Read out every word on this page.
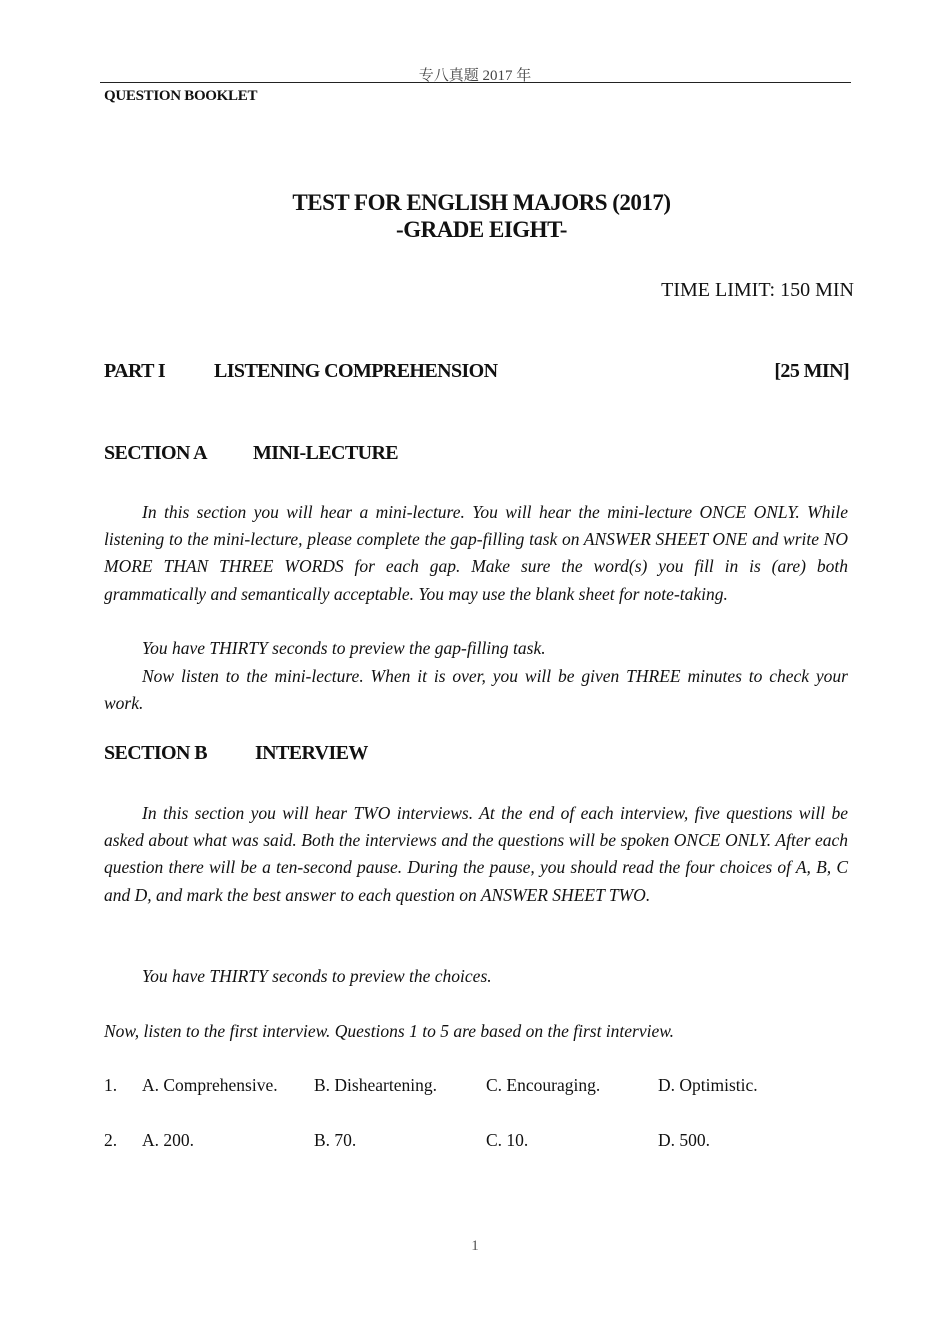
专八真题 2017 年
QUESTION BOOKLET
TEST FOR ENGLISH MAJORS (2017)
-GRADE EIGHT-
TIME LIMIT: 150 MIN
PART I LISTENING COMPREHENSION	[25 MIN]
SECTION A MINI-LECTURE

In this section you will hear a mini-lecture. You will hear the mini-lecture ONCE ONLY. While listening to the mini-lecture, please complete the gap-filling task on ANSWER SHEET ONE and write NO MORE THAN THREE WORDS for each gap. Make sure the word(s) you fill in is (are) both grammatically and semantically acceptable. You may use the blank sheet for note-taking.

You have THIRTY seconds to preview the gap-filling task.

Now listen to the mini-lecture. When it is over, you will be given THREE minutes to check your work.

SECTION B INTERVIEW

In this section you will hear TWO interviews. At the end of each interview, five questions will be asked about what was said. Both the interviews and the questions will be spoken ONCE ONLY. After each question there will be a ten-second pause. During the pause, you should read the four choices of A, B, C and D, and mark the best answer to each question on ANSWER SHEET TWO.

You have THIRTY seconds to preview the choices.

Now, listen to the first interview. Questions 1 to 5 are based on the first interview.
1. A. Comprehensive. B. Disheartening.	C. Encouraging.	D. Optimistic.
2. A. 200.	B. 70.	C. 10.	D. 500.
1
